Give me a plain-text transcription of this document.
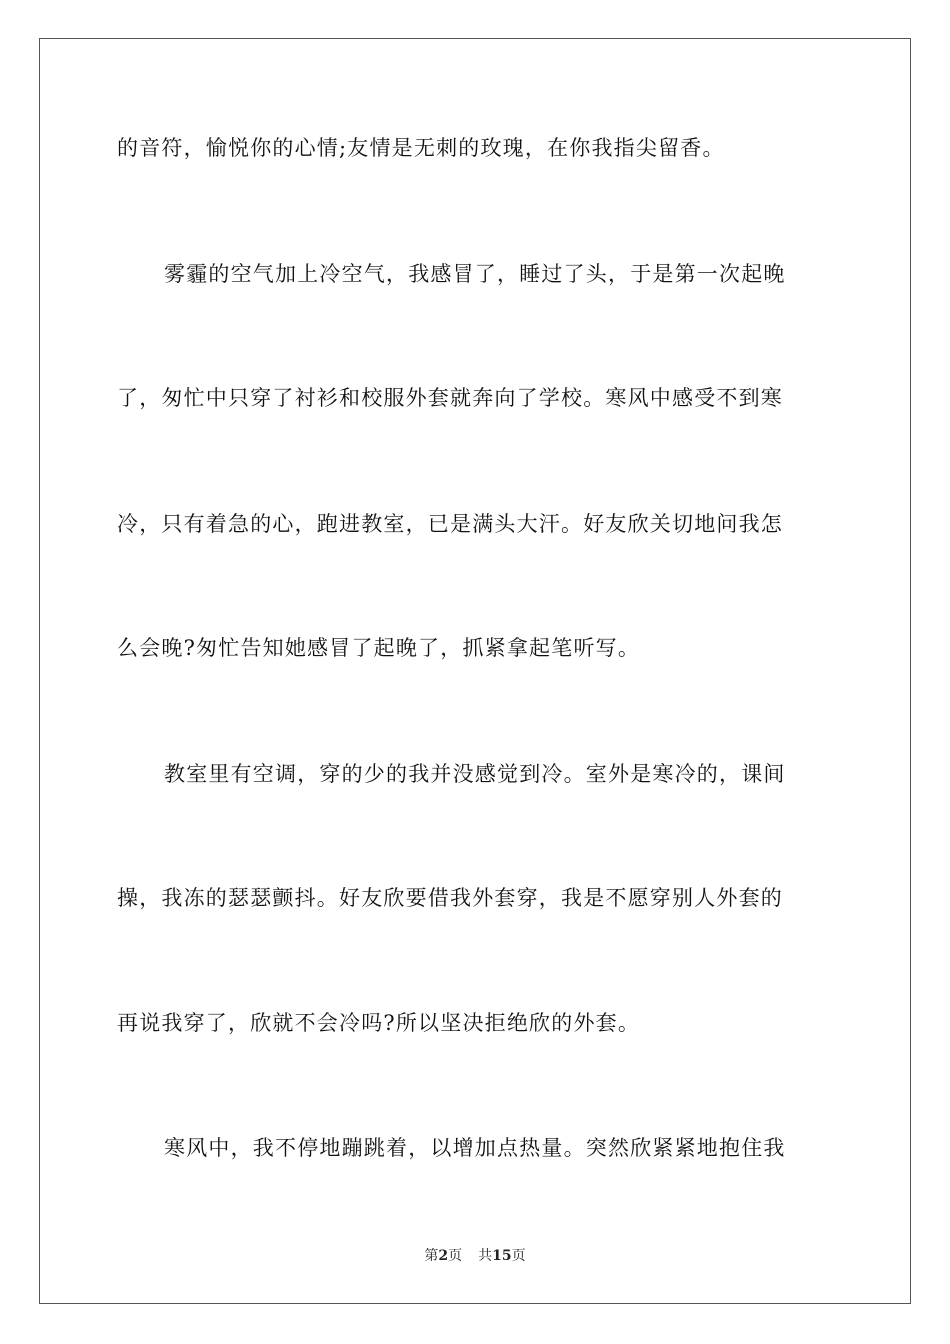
的音符，愉悦你的心情;友情是无刺的玫瑰，在你我指尖留香。
雾霾的空气加上冷空气，我感冒了，睡过了头，于是第一次起晚
了，匆忙中只穿了衬衫和校服外套就奔向了学校。寒风中感受不到寒
冷，只有着急的心，跑进教室，已是满头大汗。好友欣关切地问我怎
么会晚?匆忙告知她感冒了起晚了，抓紧拿起笔听写。
教室里有空调，穿的少的我并没感觉到冷。室外是寒冷的，课间
操，我冻的瑟瑟颤抖。好友欣要借我外套穿，我是不愿穿别人外套的
再说我穿了，欣就不会冷吗?所以坚决拒绝欣的外套。
寒风中，我不停地蹦跳着，以增加点热量。突然欣紧紧地抱住我
第2页 共15页
